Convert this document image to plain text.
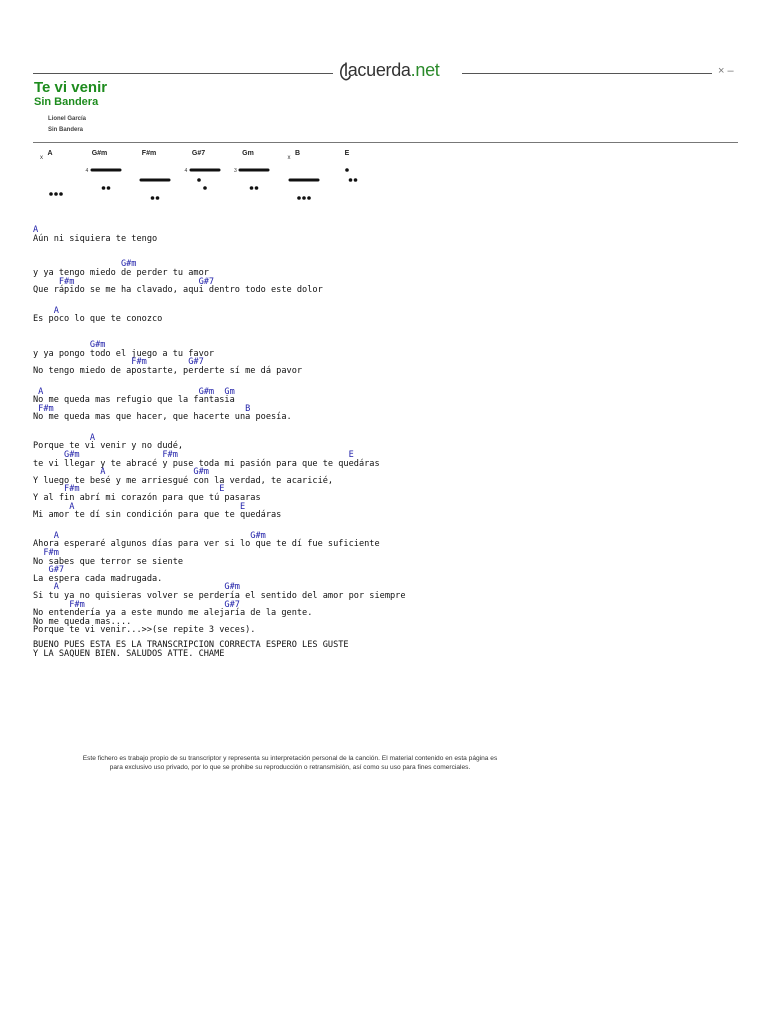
lacuerda.net	× –
Te vi venir
Sin Bandera
Lionel García
Sin Bandera
A
x
G#m
4
F#m	G#7
4
Gm
3
B
x
E
A
Aún ni siquiera te tengo
G#m
y ya tengo miedo de perder tu amor
F#m                        G#7
Que rápido se me ha clavado, aqui dentro todo este dolor
A
Es poco lo que te conozco
G#m
y ya pongo todo el juego a tu favor
F#m        G#7
No tengo miedo de apostarte, perderte sí me dá pavor
A                              G#m  Gm
No me queda mas refugio que la fantasia
F#m                                     B
No me queda mas que hacer, que hacerte una poesía.
A
Porque te vi venir y no dudé,
G#m                F#m                                 E
te vi llegar y te abracé y puse toda mi pasión para que te quedáras
A                 G#m
Y luego te besé y me arriesgué con la verdad, te acaricié,
F#m                           E
Y al fin abrí mi corazón para que tú pasaras
A                                E
Mi amor te dí sin condición para que te quedáras
A                                     G#m
Ahora esperaré algunos días para ver si lo que te dí fue suficiente
F#m
No sabes que terror se siente
G#7
La espera cada madrugada.
A                                G#m
Si tu ya no quisieras volver se perdería el sentido del amor por siempre
F#m                           G#7
No entendería ya a este mundo me alejaría de la gente.
No me queda mas....
Porque te vi venir...>>(se repite 3 veces).
BUENO PUES ESTA ES LA TRANSCRIPCION CORRECTA ESPERO LES GUSTE
Y LA SAQUEN BIEN. SALUDOS ATTE. CHAME
Este fichero es trabajo propio de su transcriptor y representa su interpretación personal de la canción. El material contenido en esta página es
para exclusivo uso privado, por lo que se prohibe su reproducción o retransmisión, así como su uso para fines comerciales.
